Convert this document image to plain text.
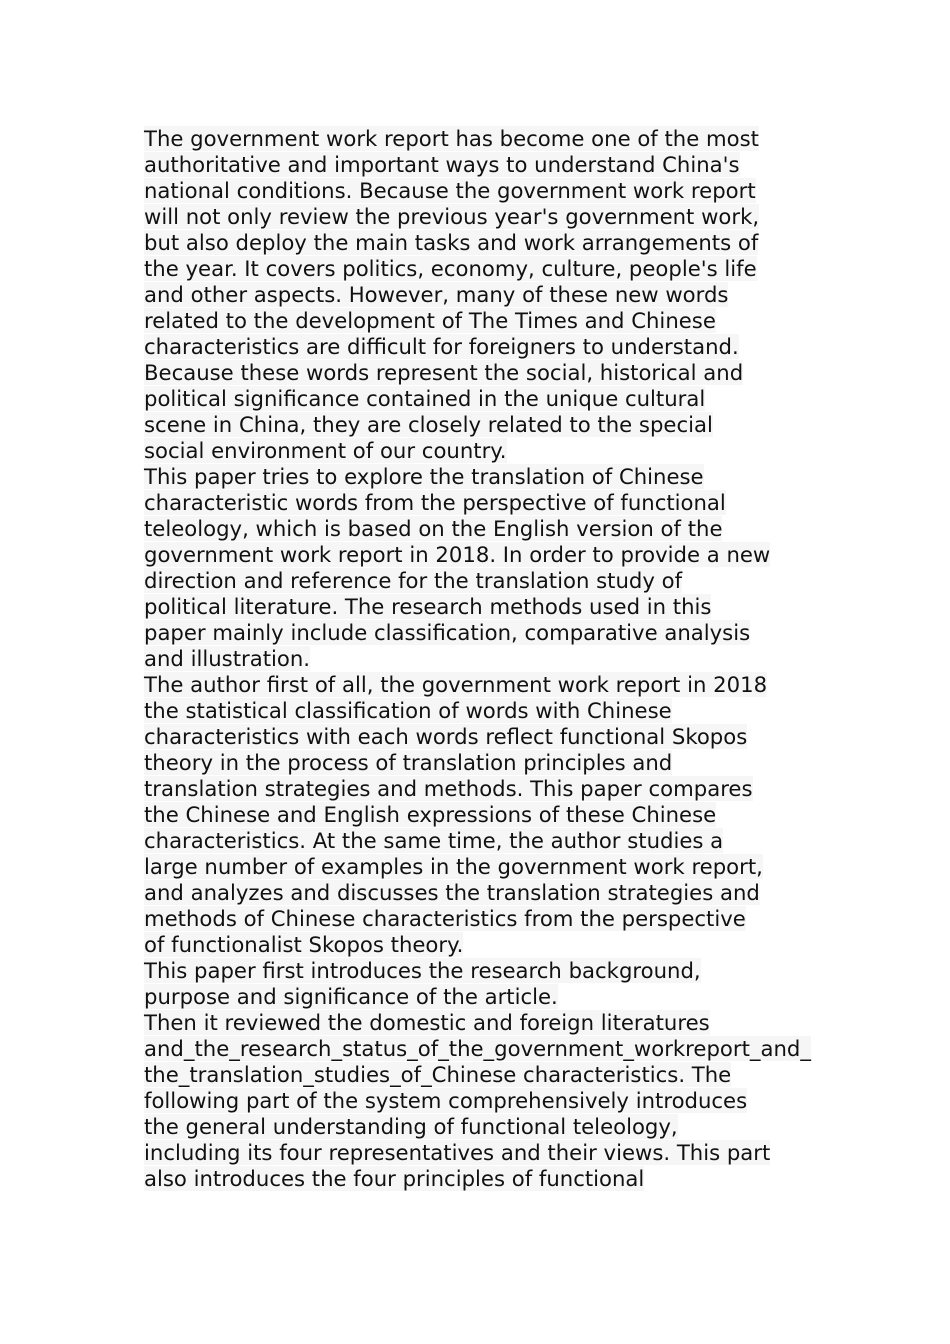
The government work report has become one of the most
authoritative and important ways to understand China's
national conditions. Because the government work report
will not only review the previous year's government work,
but also deploy the main tasks and work arrangements of
the year. It covers politics, economy, culture, people's life
and other aspects. However, many of these new words
related to the development of The Times and Chinese
characteristics are difficult for foreigners to understand.
Because these words represent the social, historical and
political significance contained in the unique cultural
scene in China, they are closely related to the special
social environment of our country.
This paper tries to explore the translation of Chinese
characteristic words from the perspective of functional
teleology, which is based on the English version of the
government work report in 2018. In order to provide a new
direction and reference for the translation study of
political literature. The research methods used in this
paper mainly include classification, comparative analysis
and illustration.
The author first of all, the government work report in 2018
the statistical classification of words with Chinese
characteristics with each words reflect functional Skopos
theory in the process of translation principles and
translation strategies and methods. This paper compares
the Chinese and English expressions of these Chinese
characteristics. At the same time, the author studies a
large number of examples in the government work report,
and analyzes and discusses the translation strategies and
methods of Chinese characteristics from the perspective
of functionalist Skopos theory.
This paper first introduces the research background,
purpose and significance of the article.
Then it reviewed the domestic and foreign literatures
and_the_research_status_of_the_government_workreport_and_
the_translation_studies_of_Chinese characteristics. The
following part of the system comprehensively introduces
the general understanding of functional teleology,
including its four representatives and their views. This part
also introduces the four principles of functional
